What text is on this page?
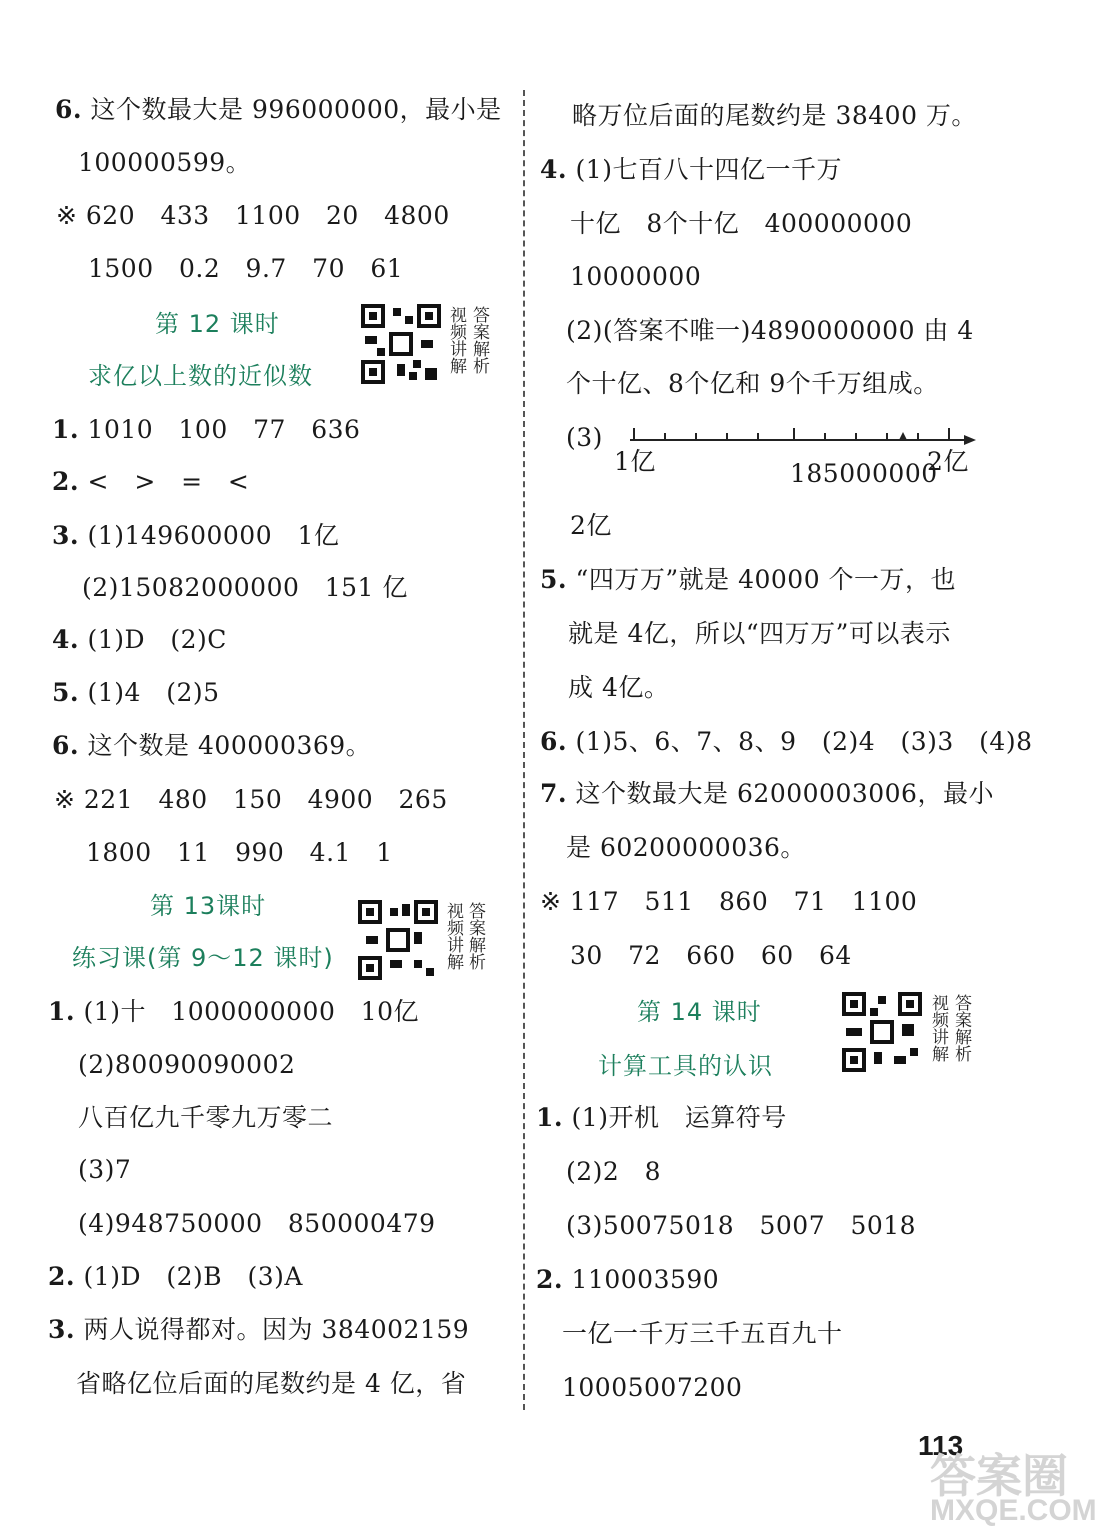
6. 这个数最大是 996000000，最小是
100000599。
※ 620   433   1100   20   4800
1500   0.2   9.7   70   61
第 12 课时
求亿以上数的近似数
答案解析
视频讲解
1. 1010   100   77   636
2. <   >   =   <
3. (1)149600000   1亿
(2)15082000000   151 亿
4. (1)D   (2)C
5. (1)4   (2)5
6. 这个数是 400000369。
※ 221   480   150   4900   265
1800   11   990   4.1   1
第 13课时
练习课(第 9～12 课时)	答案解析
视频讲解
1. (1)十   1000000000   10亿
(2)80090090002
八百亿九千零九万零二
(3)7
(4)948750000   850000479
2. (1)D   (2)B   (3)A
3. 两人说得都对。因为 384002159
省略亿位后面的尾数约是 4 亿，省
略万位后面的尾数约是 38400 万。
4. (1)七百八十四亿一千万
十亿   8个十亿   400000000
10000000
(2)(答案不唯一)4890000000 由 4
个十亿、8个亿和 9个千万组成。
(3)
1亿	185000000
2亿
2亿
5. “四万万”就是 40000 个一万，也
就是 4亿，所以“四万万”可以表示
成 4亿。
6. (1)5、6、7、8、9   (2)4   (3)3   (4)8
7. 这个数最大是 62000003006，最小
是 60200000036。
※ 117   511   860   71   1100
30   72   660   60   64
第 14 课时
计算工具的认识
答案解析
视频讲解
1. (1)开机   运算符号
(2)2   8
(3)50075018   5007   5018
2. 110003590
一亿一千万三千五百九十
10005007200
113
答案圈
MXQE.COM
